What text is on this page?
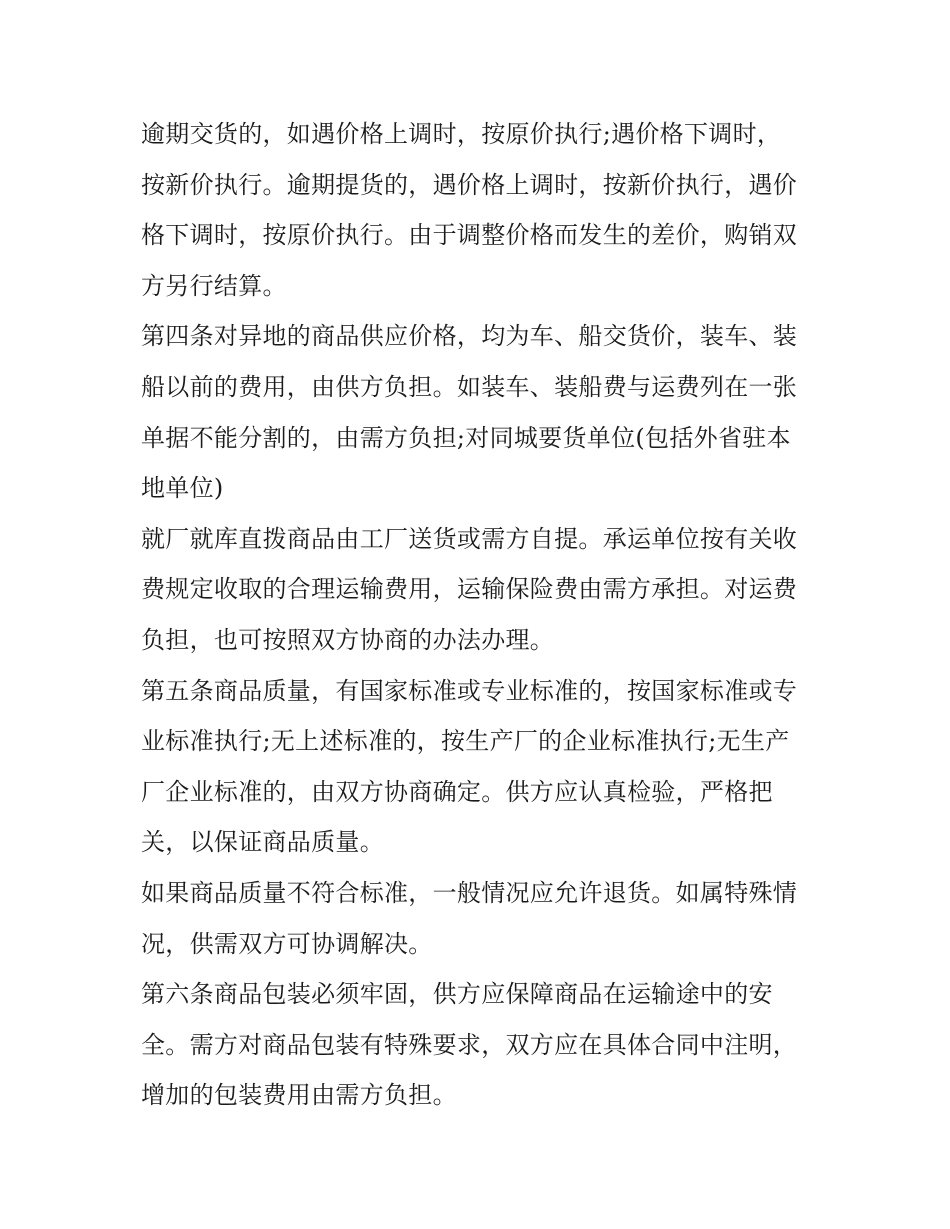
逾期交货的，如遇价格上调时，按原价执行;遇价格下调时，
按新价执行。逾期提货的，遇价格上调时，按新价执行，遇价
格下调时，按原价执行。由于调整价格而发生的差价，购销双
方另行结算。
第四条对异地的商品供应价格，均为车、船交货价，装车、装
船以前的费用，由供方负担。如装车、装船费与运费列在一张
单据不能分割的，由需方负担;对同城要货单位(包括外省驻本
地单位)
就厂就库直拨商品由工厂送货或需方自提。承运单位按有关收
费规定收取的合理运输费用，运输保险费由需方承担。对运费
负担，也可按照双方协商的办法办理。
第五条商品质量，有国家标准或专业标准的，按国家标准或专
业标准执行;无上述标准的，按生产厂的企业标准执行;无生产
厂企业标准的，由双方协商确定。供方应认真检验，严格把
关，以保证商品质量。
如果商品质量不符合标准，一般情况应允许退货。如属特殊情
况，供需双方可协调解决。
第六条商品包装必须牢固，供方应保障商品在运输途中的安
全。需方对商品包装有特殊要求，双方应在具体合同中注明，
增加的包装费用由需方负担。
